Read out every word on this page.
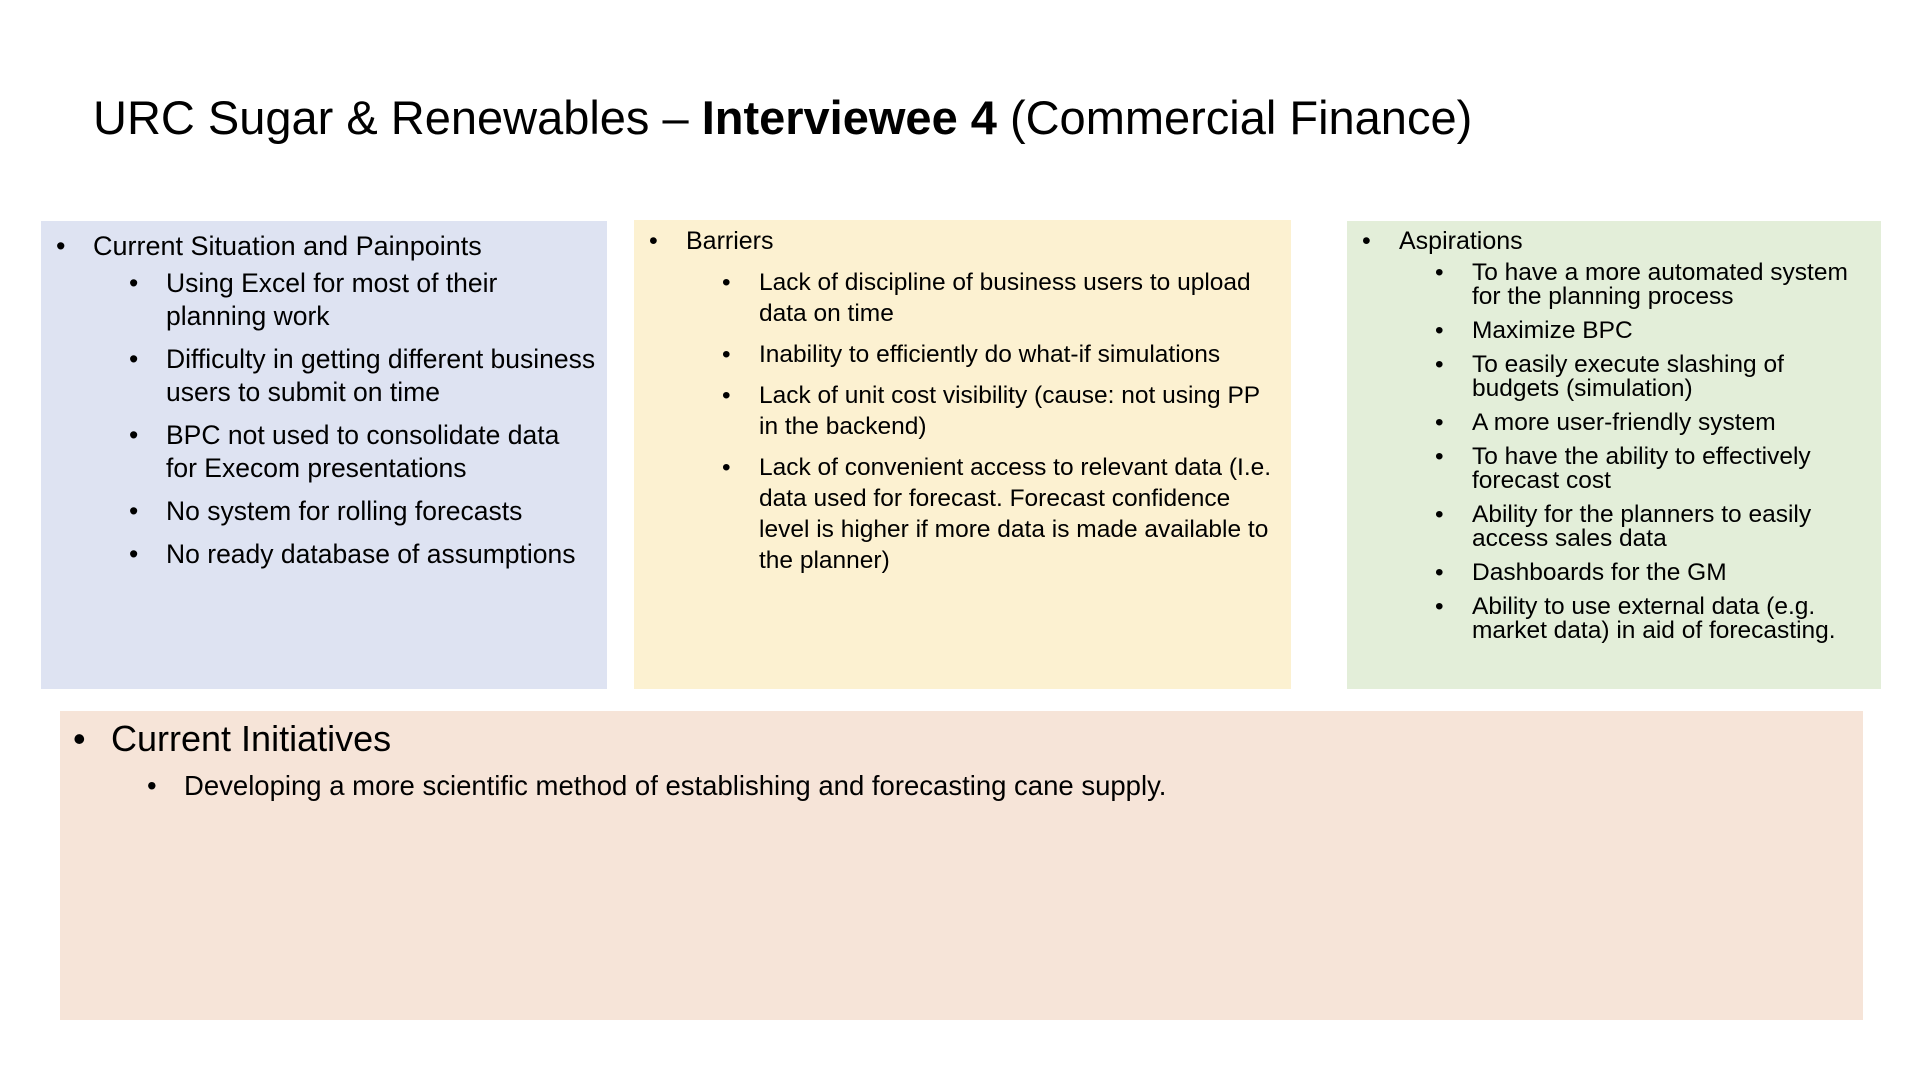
URC Sugar & Renewables – Interviewee 4 (Commercial Finance)
• Current Situation and Painpoints
• Using Excel for most of their planning work
• Difficulty in getting different business users to submit on time
• BPC not used to consolidate data for Execom presentations
• No system for rolling forecasts
• No ready database of assumptions
• Barriers
• Lack of discipline of business users to upload data on time
• Inability to efficiently do what-if simulations
• Lack of unit cost visibility (cause: not using PP in the backend)
• Lack of convenient access to relevant data (I.e. data used for forecast. Forecast confidence level is higher if more data is made available to the planner)
• Aspirations
• To have a more automated system for the planning process
• Maximize BPC
• To easily execute slashing of budgets (simulation)
• A more user-friendly system
• To have the ability to effectively forecast cost
• Ability for the planners to easily access sales data
• Dashboards for the GM
• Ability to use external data (e.g. market data) in aid of forecasting.
• Current Initiatives
• Developing a more scientific method of establishing and forecasting cane supply.
